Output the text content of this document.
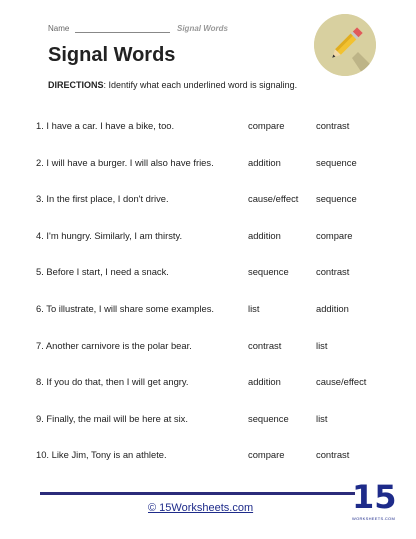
Name	Signal Words
Signal Words
DIRECTIONS: Identify what each underlined word is signaling.
1. I have a car. I have a bike, too.	compare	contrast
2. I will have a burger. I will also have fries.	addition	sequence
3. In the first place, I don't drive.	cause/effect	sequence
4. I'm hungry. Similarly, I am thirsty.	addition	compare
5. Before I start, I need a snack.	sequence	contrast
6. To illustrate, I will share some examples.	list	addition
7. Another carnivore is the polar bear.	contrast	list
8. If you do that, then I will get angry.	addition	cause/effect
9. Finally, the mail will be here at six.	sequence	list
10. Like Jim, Tony is an athlete.	compare	contrast
© 15Worksheets.com	15
WORKSHEETS.COM
